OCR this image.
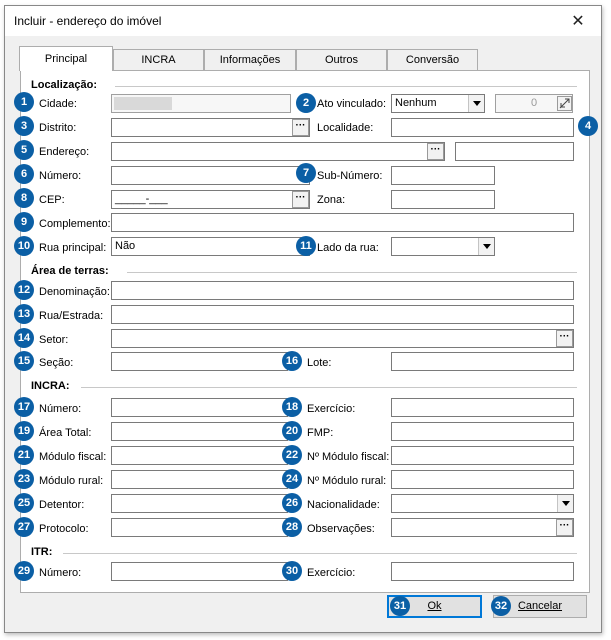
Incluir - endereço do imóvel	✕
Principal	INCRA	Informações	Outros	Conversão
Localização:
Cidade:	Ato vinculado: Nenhum	0
Distrito:	···	Localidade:
Endereço:	···
Número:	Sub-Número:
CEP:	_____-___	···	Zona:
Complemento:
Rua principal: Não	Lado da rua:
Área de terras:
Denominação:
Rua/Estrada:
Setor:	···
Seção:	Lote:
INCRA:
Número:	Exercício:
Área Total:	FMP:
Módulo fiscal:	Nº Módulo fiscal:
Módulo rural:	Nº Módulo rural:
Detentor:	Nacionalidade:
Protocolo:	Observações:	···
ITR:
Número:	Exercício:
Ok	Cancelar
1	2
3	4
5
6	7
8
9
10	11
12
13
14
15	16
17	18
19	20
21	22
23	24
25	26
27	28
29	30
31	32
